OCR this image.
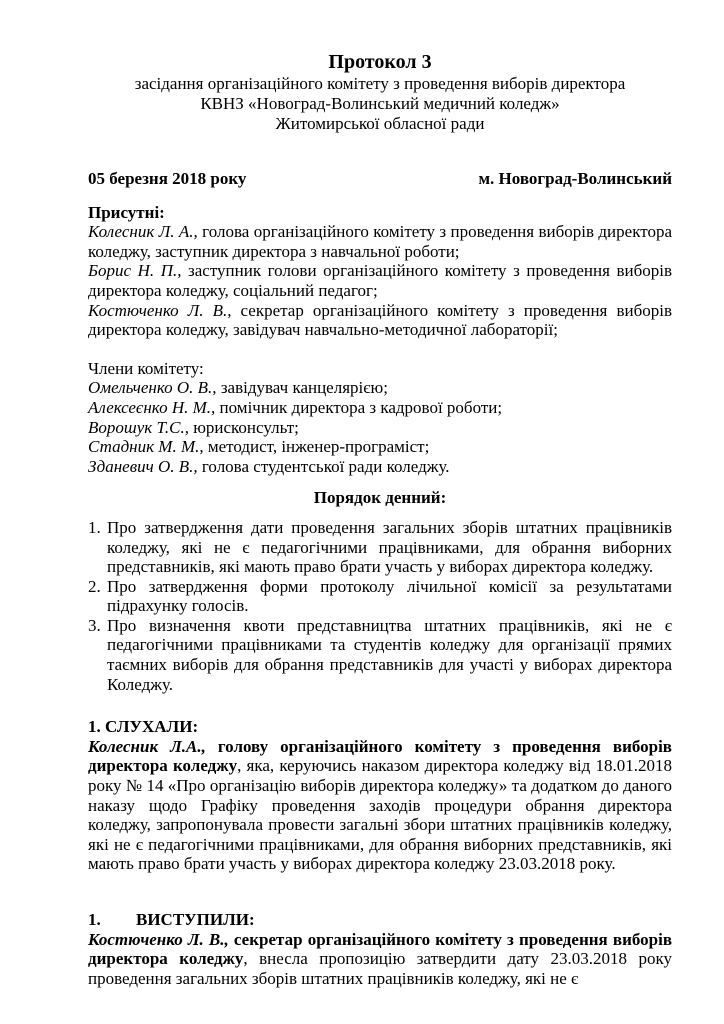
Протокол 3
засідання організаційного комітету з проведення виборів директора
КВНЗ «Новоград-Волинський медичний коледж»
Житомирської обласної ради
05 березня 2018 року	м. Новоград-Волинський
Присутні:

Колесник Л. А., голова організаційного комітету з проведення виборів директора коледжу, заступник директора з навчальної роботи;

Борис Н. П., заступник голови організаційного комітету з проведення виборів директора коледжу, соціальний педагог;

Костюченко Л. В., секретар організаційного комітету з проведення виборів директора коледжу, завідувач навчально-методичної лабораторії;

Члени комітету:

Омельченко О. В., завідувач канцелярією;

Алексеєнко Н. М., помічник директора з кадрової роботи;

Ворошук Т.С., юрисконсульт;

Стадник М. М., методист, інженер-програміст;

Зданевич О. В., голова студентської ради коледжу.

Порядок денний:
1. Про затвердження дати проведення загальних зборів штатних працівників коледжу, які не є педагогічними працівниками, для обрання виборних представників, які мають право брати участь у виборах директора коледжу.
2. Про затвердження форми протоколу лічильної комісії за результатами підрахунку голосів.
3. Про визначення квоти представництва штатних працівників, які не є педагогічними працівниками та студентів коледжу для організації прямих таємних виборів для обрання представників для участі у виборах директора Коледжу.
1. СЛУХАЛИ:

Колесник Л.А., голову організаційного комітету з проведення виборів директора коледжу, яка, керуючись наказом директора коледжу від 18.01.2018 року № 14 «Про організацію виборів директора коледжу» та додатком до даного наказу щодо Графіку проведення заходів процедури обрання директора коледжу, запропонувала провести загальні збори штатних працівників коледжу, які не є педагогічними працівниками, для обрання виборних представників, які мають право брати участь у виборах директора коледжу 23.03.2018 року.

1.	ВИСТУПИЛИ:

Костюченко Л. В., секретар організаційного комітету з проведення виборів директора коледжу, внесла пропозицію затвердити дату 23.03.2018 року проведення загальних зборів штатних працівників коледжу, які не є
